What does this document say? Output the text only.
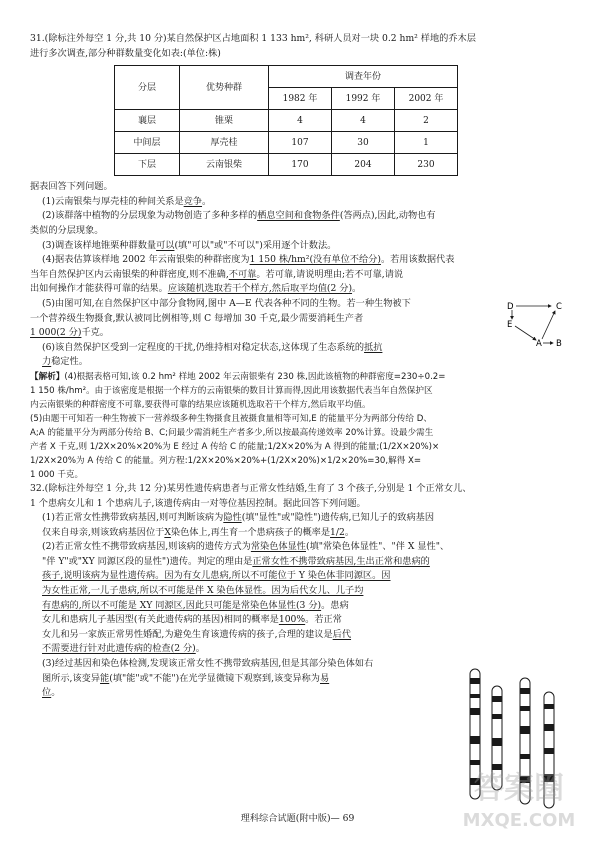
31.(除标注外每空 1 分,共 10 分)某自然保护区占地面积 1 133 hm², 科研人员对一块 0.2 hm² 样地的乔木层

进行多次调查,部分种群数量变化如表:(单位:株)

分层	优势种群	调查年份		
		1982 年	1992 年	2002 年
襄层	锥栗	4	4	2
中间层	厚壳桂	107	30	1
下层	云南银柴	170	204	230

据表回答下列问题。

(1)云南银柴与厚壳桂的种间关系是竞争。

(2)该群落中植物的分层现象为动物创造了多种多样的栖息空间和食物条件(答两点),因此,动物也有

类似的分层现象。

(3)调查该样地锥栗种群数量可以(填"可以"或"不可以")采用逐个计数法。

(4)据表估算该样地 2002 年云南银柴的种群密度为1 150 株/hm²(没有单位不给分)。若用该数据代表

当年自然保护区内云南银柴的种群密度,则不准确,不可靠。若可靠,请说明理由;若不可靠,请说

出如何操作才能获得可靠的结果。应该随机选取若干个样方,然后取平均值(2 分)。

(5)由图可知,在自然保护区中部分食物网,图中 A—E 代表各种不同的生物。若一种生物被下

一个营养级生物摄食,默认被同比例相等,则 C 每增加 30 千克,最少需要消耗生产者

1 000(2 分)千克。

D	C
B
E
A

(6)该自然保护区受到一定程度的干扰,仍维持相对稳定状态,这体现了生态系统的抵抗

力稳定性。

【解析】(4)根据表格可知,该 0.2 hm² 样地 2002 年云南银柴有 230 株,因此该植物的种群密度=230÷0.2=

1 150 株/hm²。由于该密度是根据一个样方的云南银柴的数目计算而得,因此用该数据代表当年自然保护区

内云南银柴的种群密度不可靠,要获得可靠的结果应该随机选取若干个样方,然后取平均值。

(5)由题干可知若一种生物被下一营养级多种生物摄食且被摄食量相等可知,E 的能量平分为两部分传给 D、

A;A 的能量平分为两部分传给 B、C;问最少需消耗生产者多少,所以按最高传递效率 20%计算。设最少需生

产者 X 千克,则 1/2X×20%×20%为 E 经过 A 传给 C 的能量;1/2X×20%为 A 得到的能量;(1/2X×20%)×

1/2X×20%为 A 传给 C 的能量。列方程:1/2X×20%×20%+(1/2X×20%)×1/2×20%=30,解得 X=

1 000 千克。

32.(除标注外每空 1 分,共 12 分)某男性遗传病患者与正常女性结婚,生育了 3 个孩子,分别是 1 个正常女儿、

1 个患病女儿和 1 个患病儿子,该遗传病由一对等位基因控制。据此回答下列问题。

(1)若正常女性携带致病基因,则可判断该病为隐性(填"显性"或"隐性")遗传病,已知儿子的致病基因

仅来自母亲,则该致病基因位于X染色体上,再生育一个患病孩子的概率是1/2。

(2)若正常女性不携带致病基因,则该病的遗传方式为常染色体显性(填"常染色体显性"、"伴 X 显性"、

"伴 Y"或"XY 同源区段的显性")遗传。判定的理由是正常女性不携带致病基因,生出正常和患病的

孩子,说明该病为显性遗传病。因为有女儿患病,所以不可能位于 Y 染色体非同源区。因

为女性正常,一儿子患病,所以不可能是伴 X 染色体显性。因为后代女儿、儿子均

有患病的,所以不可能是 XY 同源区,因此只可能是常染色体显性(3 分)。患病

女儿和患病儿子基因型(有关此遗传病的基因)相同的概率是100%。若正常

女儿和另一家族正常男性婚配,为避免生育该遗传病的孩子,合理的建议是后代

不需要进行针对此遗传病的检查(2 分)。

(3)经过基因和染色体检测,发现该正常女性不携带致病基因,但是其部分染色体如右

图所示,该变异能(填"能"或"不能")在光学显微镜下观察到,该变异称为易

位。

理科综合试题(附中版)— 69
答案圈
MXQE.COM
